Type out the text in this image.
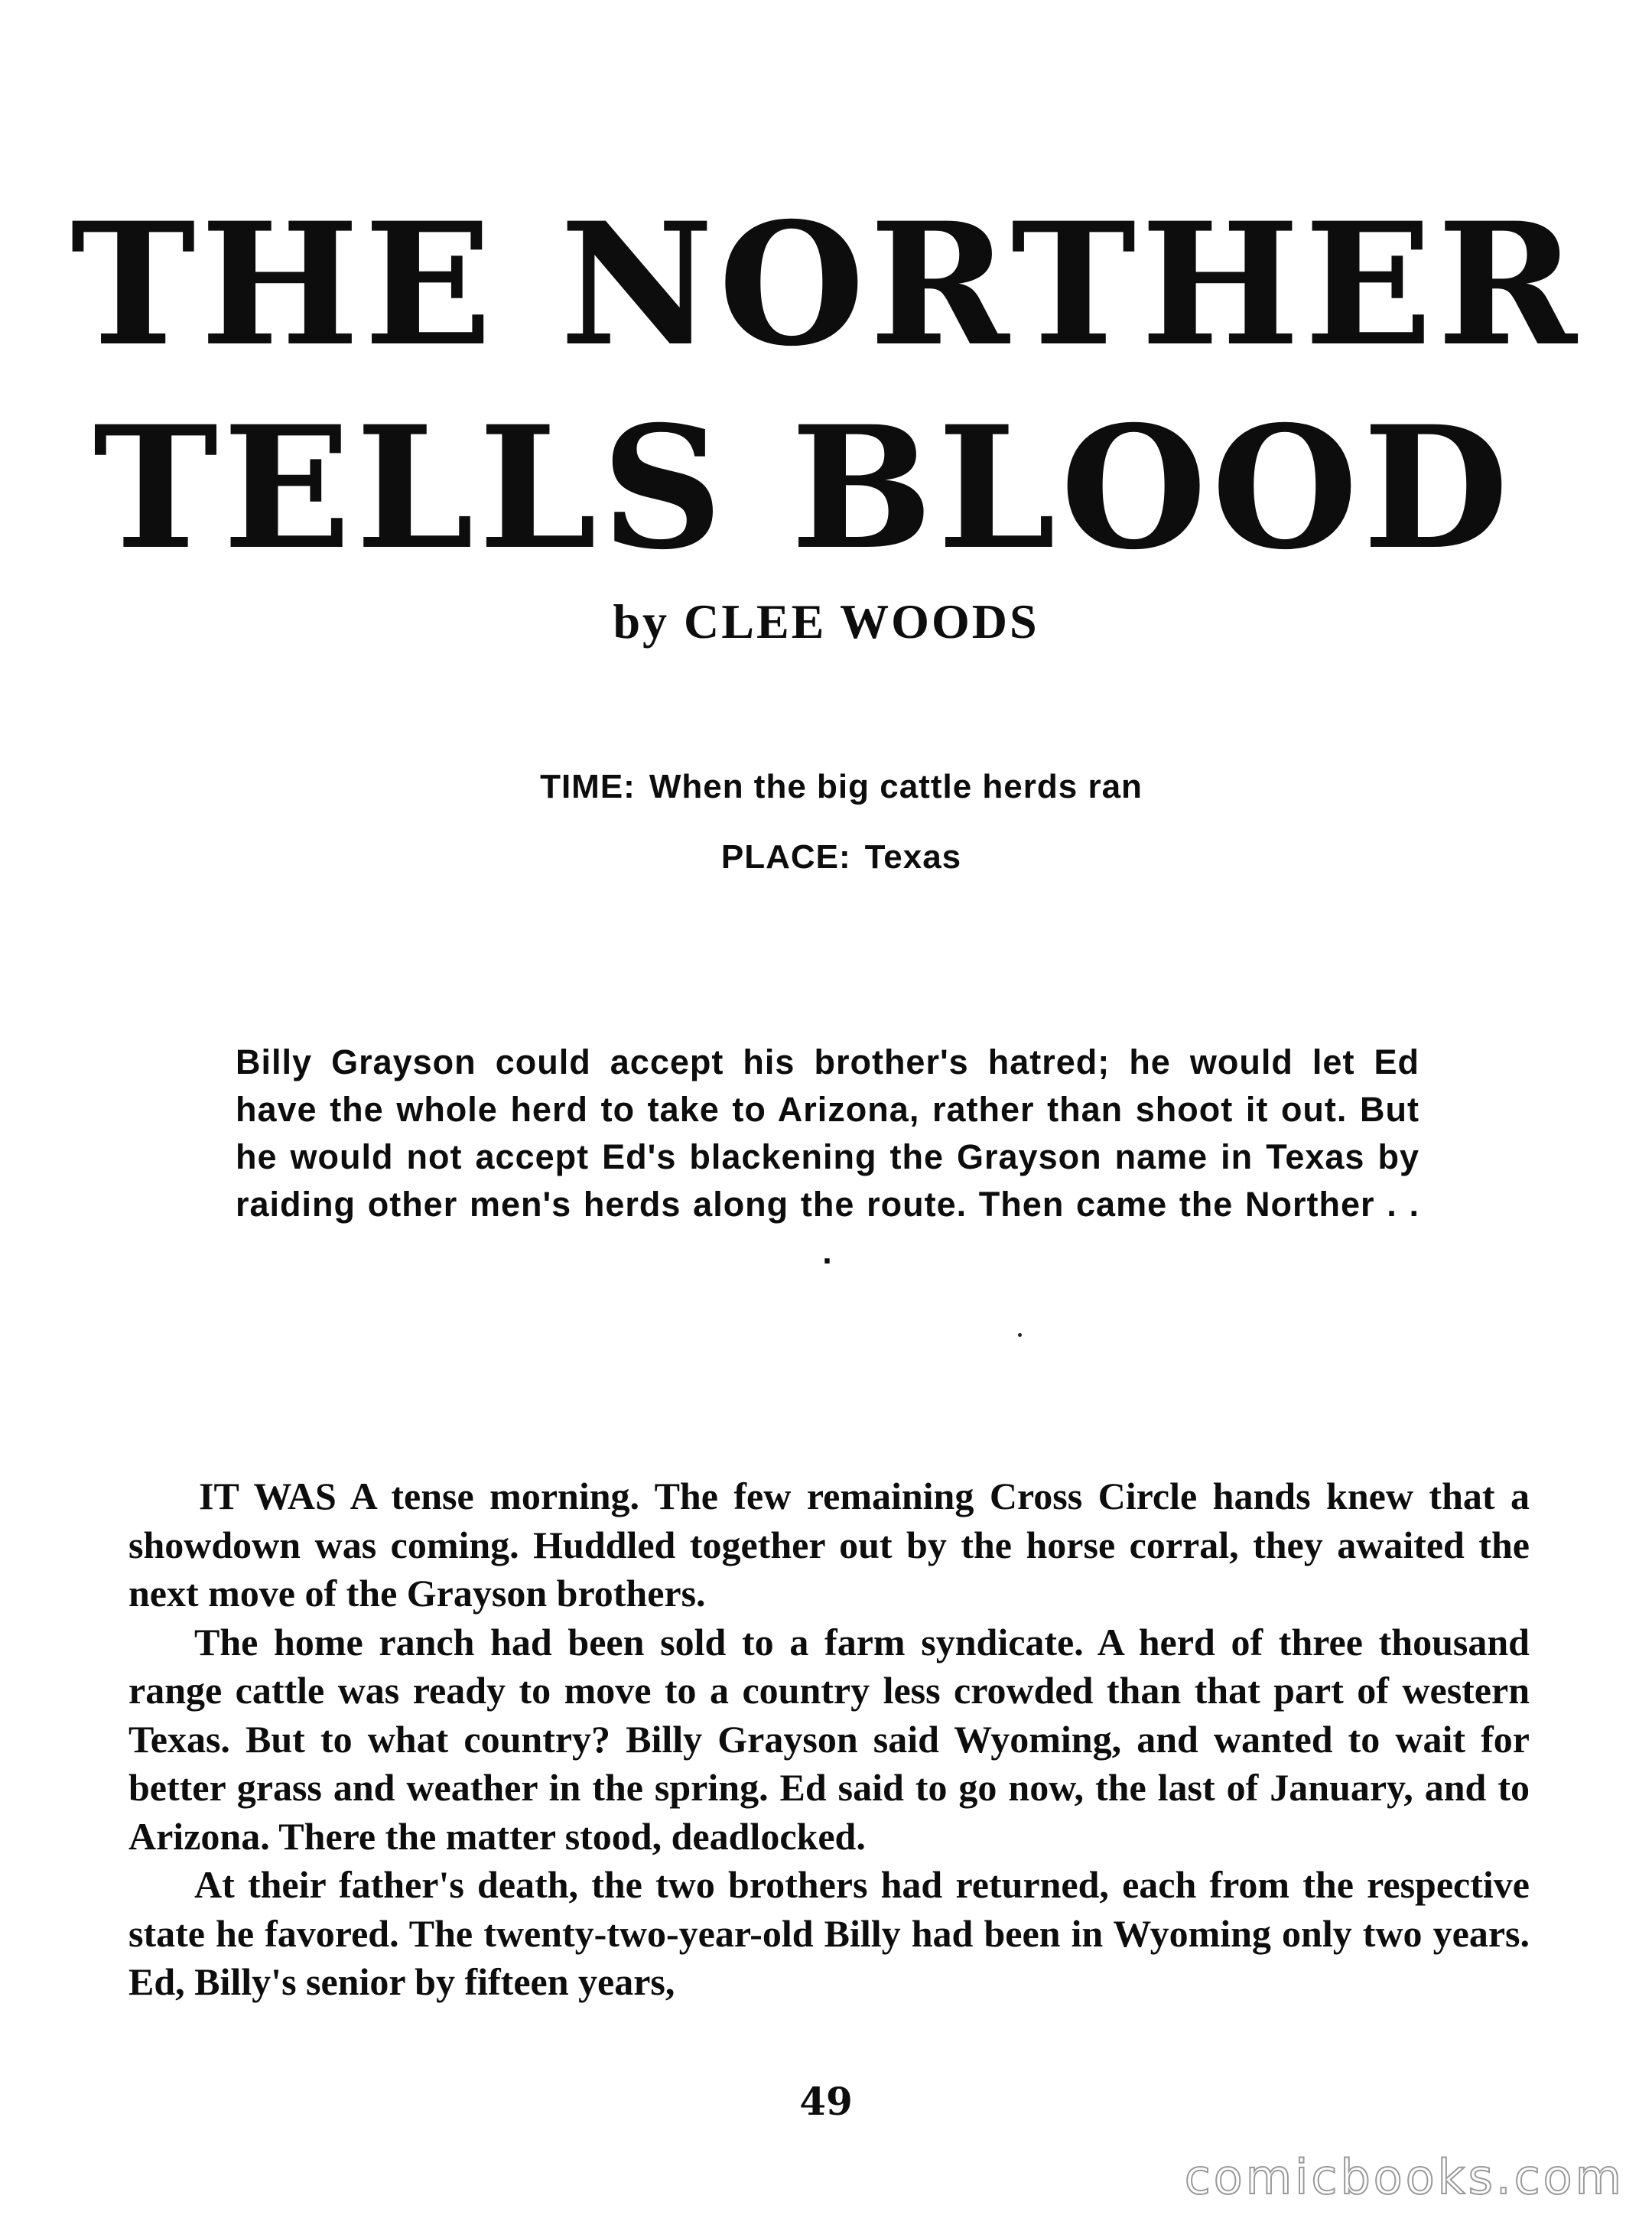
THE NORTHER
TELLS BLOOD
by CLEE WOODS
TIME: When the big cattle herds ran
PLACE: Texas
Billy Grayson could accept his brother's hatred; he would let Ed have the whole herd to take to Arizona, rather than shoot it out. But he would not accept Ed's blackening the Grayson name in Texas by raiding other men's herds along the route. Then came the Norther . . .

IT WAS A tense morning. The few remaining Cross Circle hands knew that a showdown was coming. Huddled together out by the horse corral, they awaited the next move of the Grayson brothers.

The home ranch had been sold to a farm syndicate. A herd of three thousand range cattle was ready to move to a country less crowded than that part of western Texas. But to what country? Billy Grayson said Wyoming, and wanted to wait for better grass and weather in the spring. Ed said to go now, the last of January, and to Arizona. There the matter stood, deadlocked.

At their father's death, the two brothers had returned, each from the respective state he favored. The twenty-two-year-old Billy had been in Wyoming only two years. Ed, Billy's senior by fifteen years,

49
comicbooks.com
